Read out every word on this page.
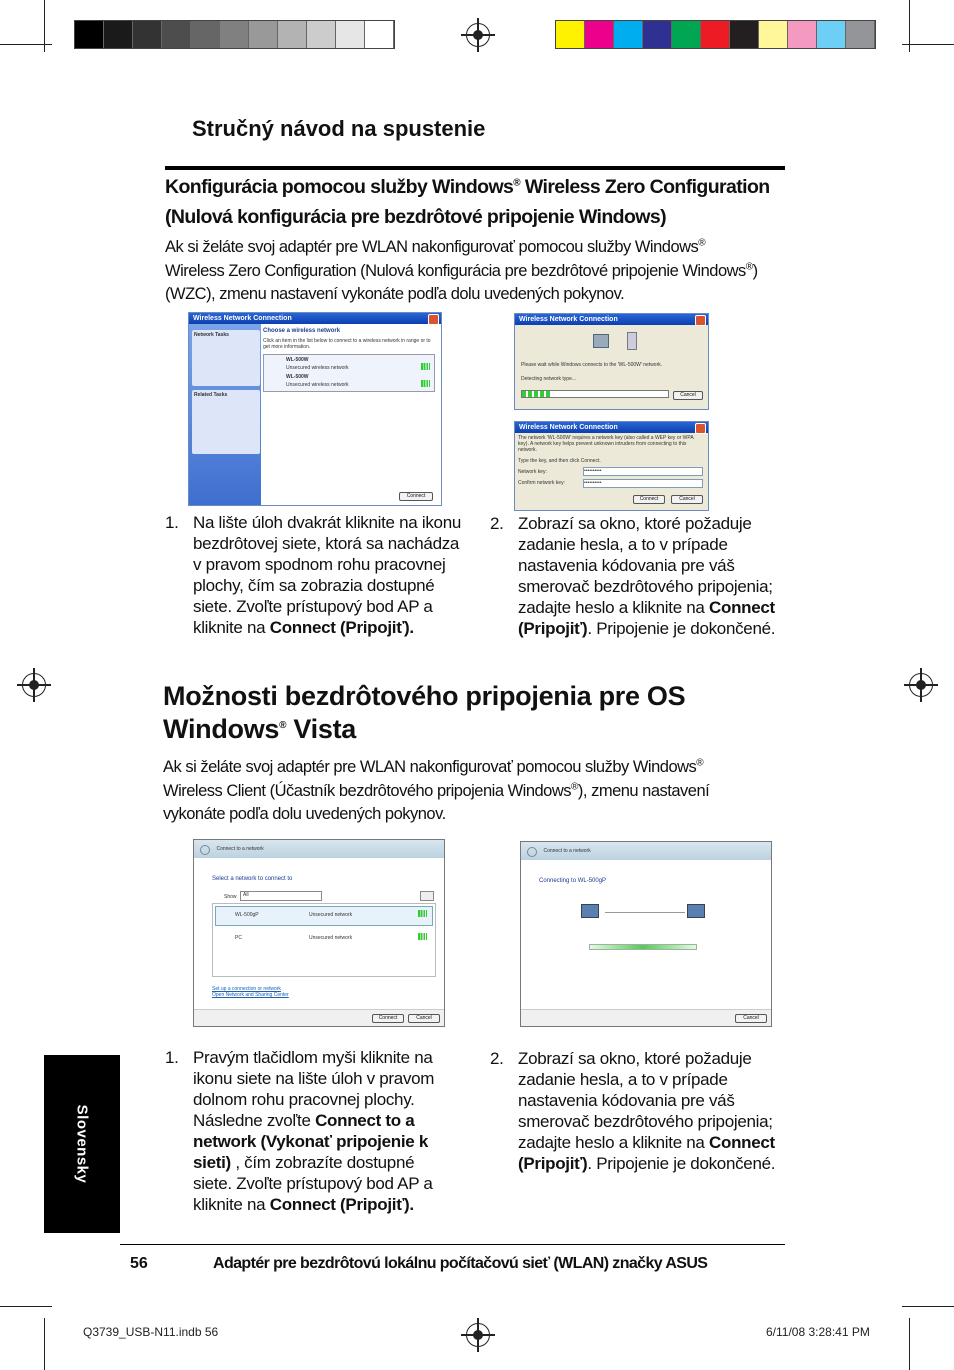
Stručný návod na spustenie
Konfigurácia pomocou služby Windows® Wireless Zero Configuration
(Nulová konfigurácia pre bezdrôtové pripojenie Windows)
Ak si želáte svoj adaptér pre WLAN nakonfigurovať pomocou služby Windows® Wireless Zero Configuration (Nulová konfigurácia pre bezdrôtové pripojenie Windows®) (WZC), zmenu nastavení vykonáte podľa dolu uvedených pokynov.
Wireless Network Connection
Network Tasks
Related Tasks
Choose a wireless network
Click an item in the list below to connect to a wireless network in range or to get more information.
WL-500W
Unsecured wireless network
WL-500W
Unsecured wireless network
Connect
Wireless Network Connection
Please wait while Windows connects to the 'WL-500W' network.
Detecting network type...
Cancel
Wireless Network Connection
The network 'WL-500W' requires a network key (also called a WEP key or WPA key). A network key helps prevent unknown intruders from connecting to this network.
Type the key, and then click Connect.
Network key:	••••••••••
Confirm network key:	••••••••••
Connect	Cancel
1. Na lište úloh dvakrát kliknite na ikonu bezdrôtovej siete, ktorá sa nachádza v pravom spodnom rohu pracovnej plochy, čím sa zobrazia dostupné siete. Zvoľte prístupový bod AP a kliknite na Connect (Pripojiť).
2. Zobrazí sa okno, ktoré požaduje zadanie hesla, a to v prípade nastavenia kódovania pre váš smerovač bezdrôtového pripojenia; zadajte heslo a kliknite na Connect (Pripojiť). Pripojenie je dokončené.
Možnosti bezdrôtového pripojenia pre OS Windows® Vista
Ak si želáte svoj adaptér pre WLAN nakonfigurovať pomocou služby Windows® Wireless Client (Účastník bezdrôtového pripojenia Windows®), zmenu nastavení vykonáte podľa dolu uvedených pokynov.
$^{Connect to a network}$
Select a network to connect to
Show	All
WL-500gP	Unsecured network
PC	Unsecured network
Set up a connection or network
Open Network and Sharing Center
Connect	Cancel
$^{Connect to a network}$
Connecting to WL-500gP
Cancel
1. Pravým tlačidlom myši kliknite na ikonu siete na lište úloh v pravom dolnom rohu pracovnej plochy. Následne zvoľte Connect to a network (Vykonať pripojenie k sieti) , čím zobrazíte dostupné siete. Zvoľte prístupový bod AP a kliknite na Connect (Pripojiť).
2. Zobrazí sa okno, ktoré požaduje zadanie hesla, a to v prípade nastavenia kódovania pre váš smerovač bezdrôtového pripojenia; zadajte heslo a kliknite na Connect (Pripojiť). Pripojenie je dokončené.
Slovensky
56	Adaptér pre bezdrôtovú lokálnu počítačovú sieť (WLAN) značky ASUS
Q3739_USB-N11.indb 56	6/11/08 3:28:41 PM
